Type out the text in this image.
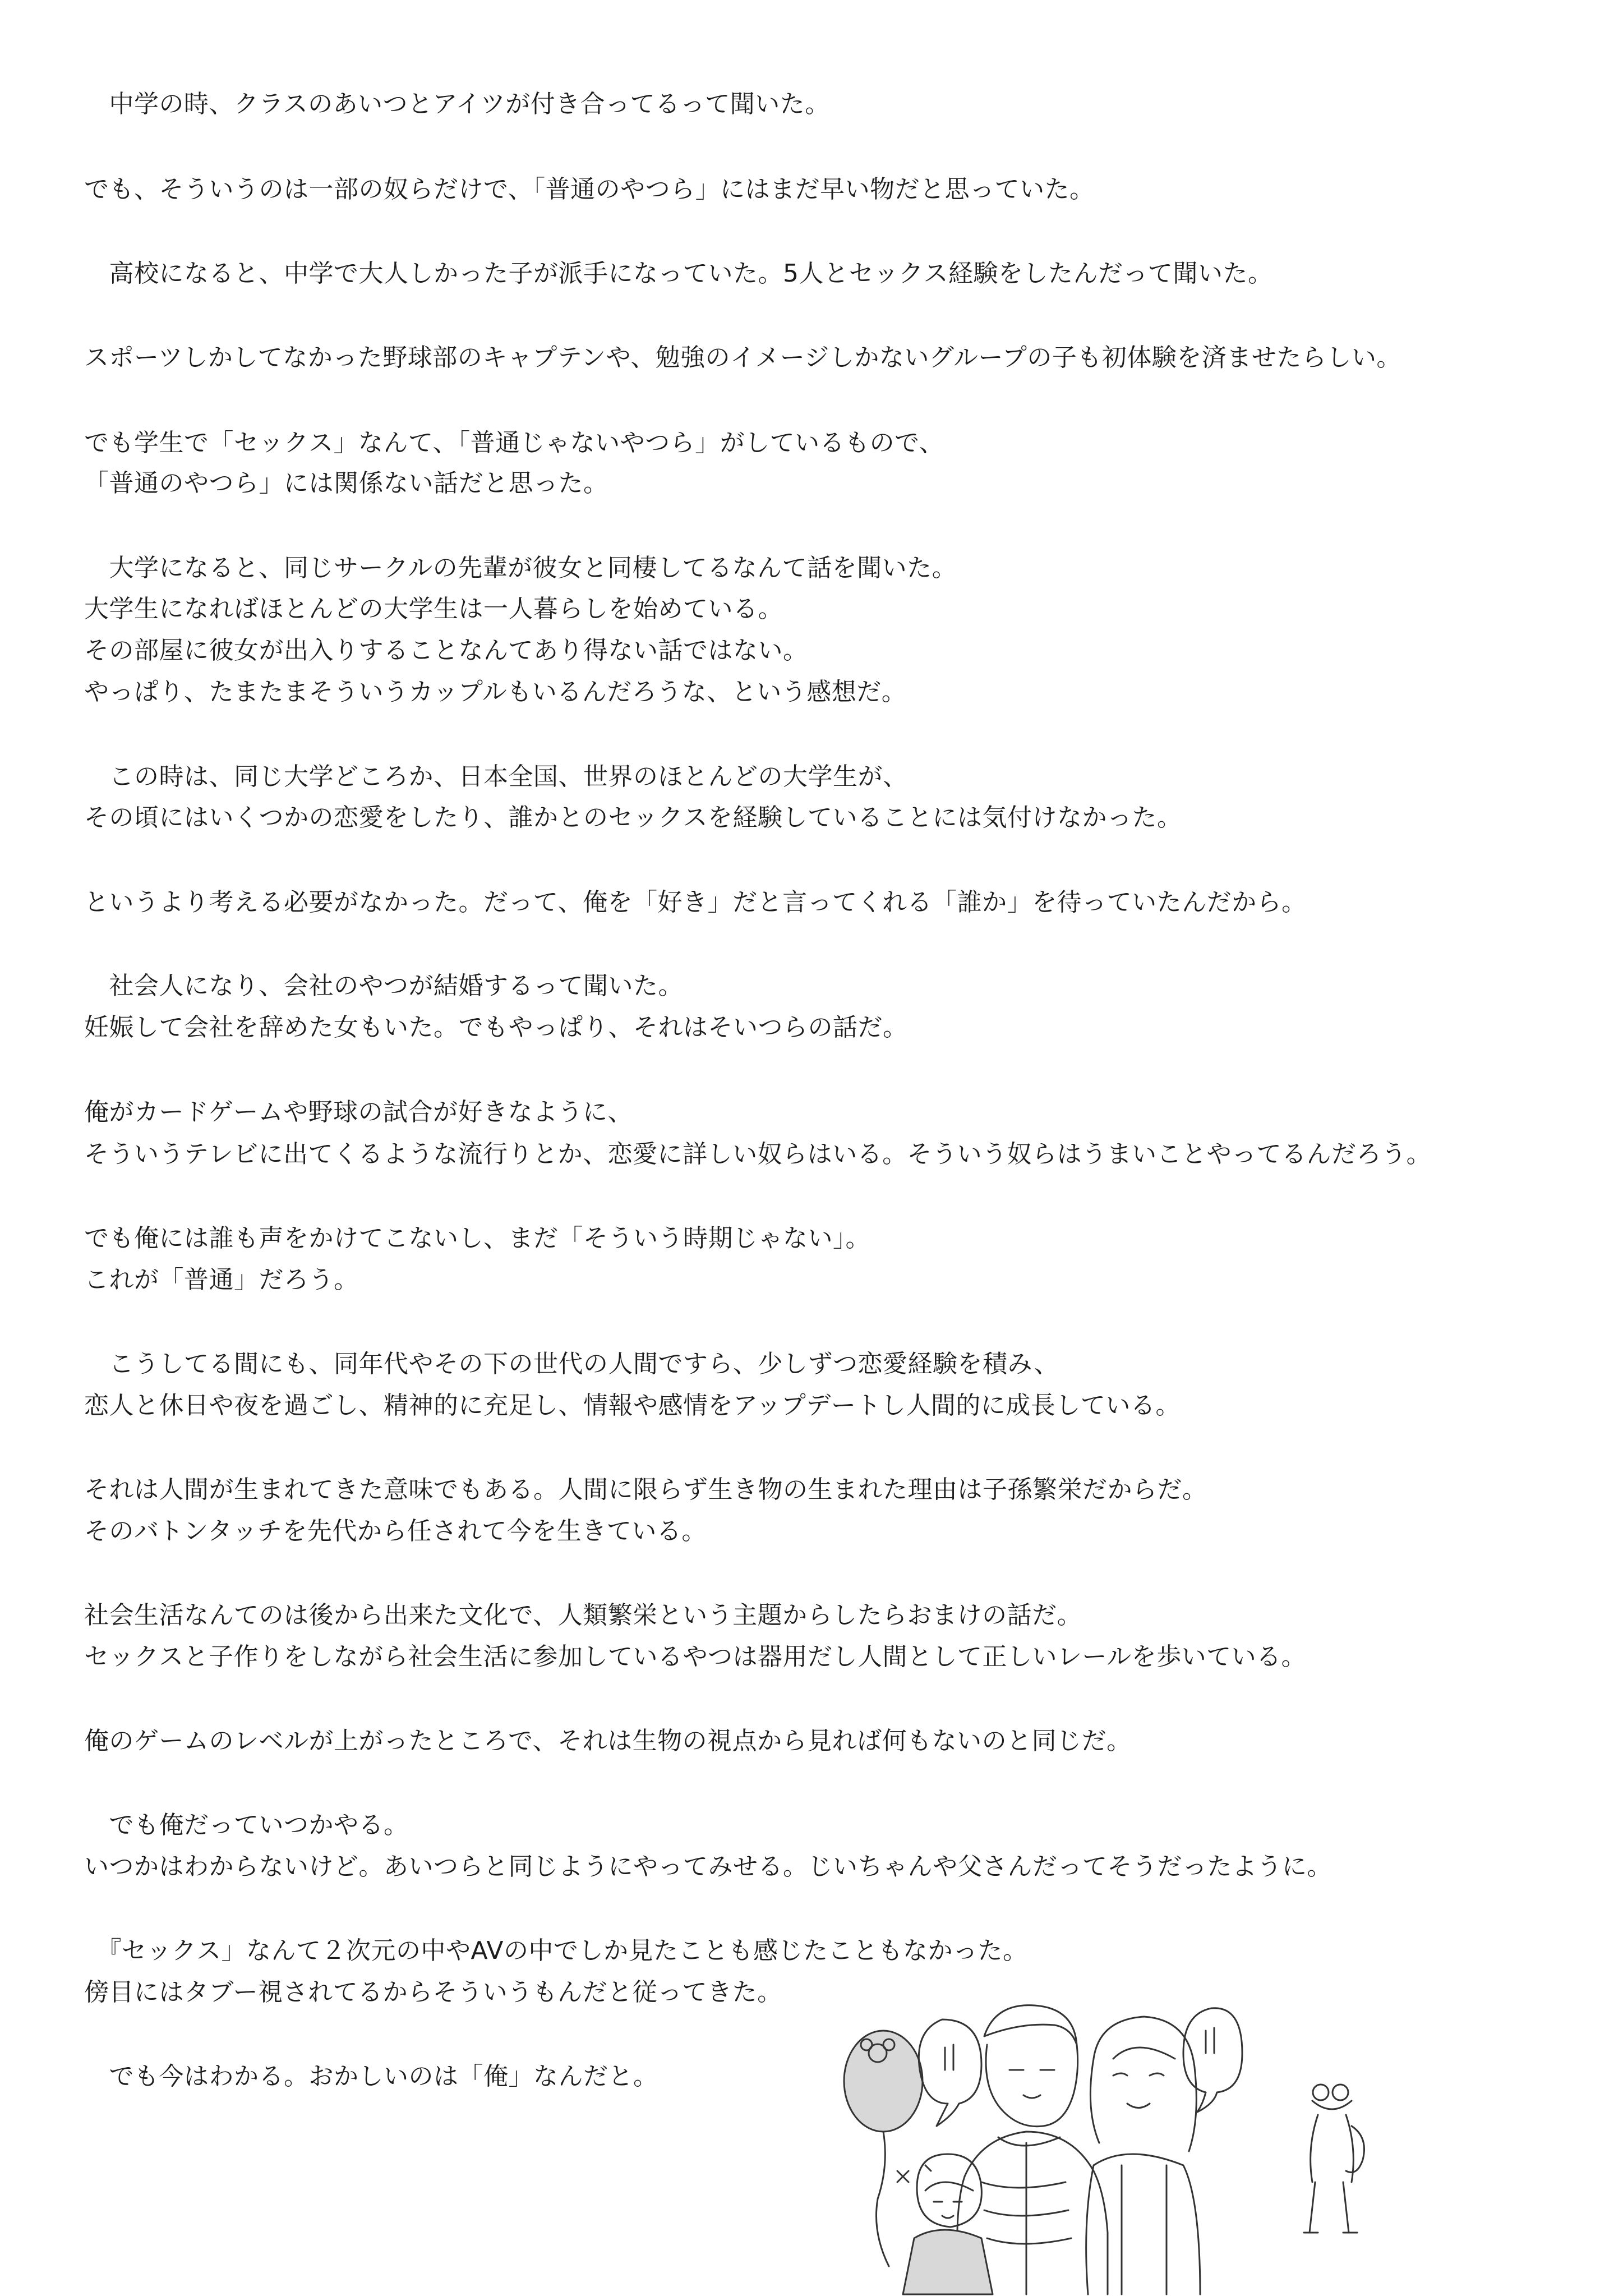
　中学の時、クラスのあいつとアイツが付き合ってるって聞いた。

でも、そういうのは一部の奴らだけで、「普通のやつら」にはまだ早い物だと思っていた。

　高校になると、中学で大人しかった子が派手になっていた。5人とセックス経験をしたんだって聞いた。

スポーツしかしてなかった野球部のキャプテンや、勉強のイメージしかないグループの子も初体験を済ませたらしい。

でも学生で「セックス」なんて、「普通じゃないやつら」がしているもので、

「普通のやつら」には関係ない話だと思った。

　大学になると、同じサークルの先輩が彼女と同棲してるなんて話を聞いた。

大学生になればほとんどの大学生は一人暮らしを始めている。

その部屋に彼女が出入りすることなんてあり得ない話ではない。

やっぱり、たまたまそういうカップルもいるんだろうな、という感想だ。

　この時は、同じ大学どころか、日本全国、世界のほとんどの大学生が、

その頃にはいくつかの恋愛をしたり、誰かとのセックスを経験していることには気付けなかった。

というより考える必要がなかった。だって、俺を「好き」だと言ってくれる「誰か」を待っていたんだから。

　社会人になり、会社のやつが結婚するって聞いた。

妊娠して会社を辞めた女もいた。でもやっぱり、それはそいつらの話だ。

俺がカードゲームや野球の試合が好きなように、

そういうテレビに出てくるような流行りとか、恋愛に詳しい奴らはいる。そういう奴らはうまいことやってるんだろう。

でも俺には誰も声をかけてこないし、まだ「そういう時期じゃない」。

これが「普通」だろう。

　こうしてる間にも、同年代やその下の世代の人間ですら、少しずつ恋愛経験を積み、

恋人と休日や夜を過ごし、精神的に充足し、情報や感情をアップデートし人間的に成長している。

それは人間が生まれてきた意味でもある。人間に限らず生き物の生まれた理由は子孫繁栄だからだ。

そのバトンタッチを先代から任されて今を生きている。

社会生活なんてのは後から出来た文化で、人類繁栄という主題からしたらおまけの話だ。

セックスと子作りをしながら社会生活に参加しているやつは器用だし人間として正しいレールを歩いている。

俺のゲームのレベルが上がったところで、それは生物の視点から見れば何もないのと同じだ。

　でも俺だっていつかやる。

いつかはわからないけど。あいつらと同じようにやってみせる。じいちゃんや父さんだってそうだったように。

　『セックス」なんて２次元の中やAVの中でしか見たことも感じたこともなかった。

傍目にはタブー視されてるからそういうもんだと従ってきた。

　でも今はわかる。おかしいのは「俺」なんだと。
